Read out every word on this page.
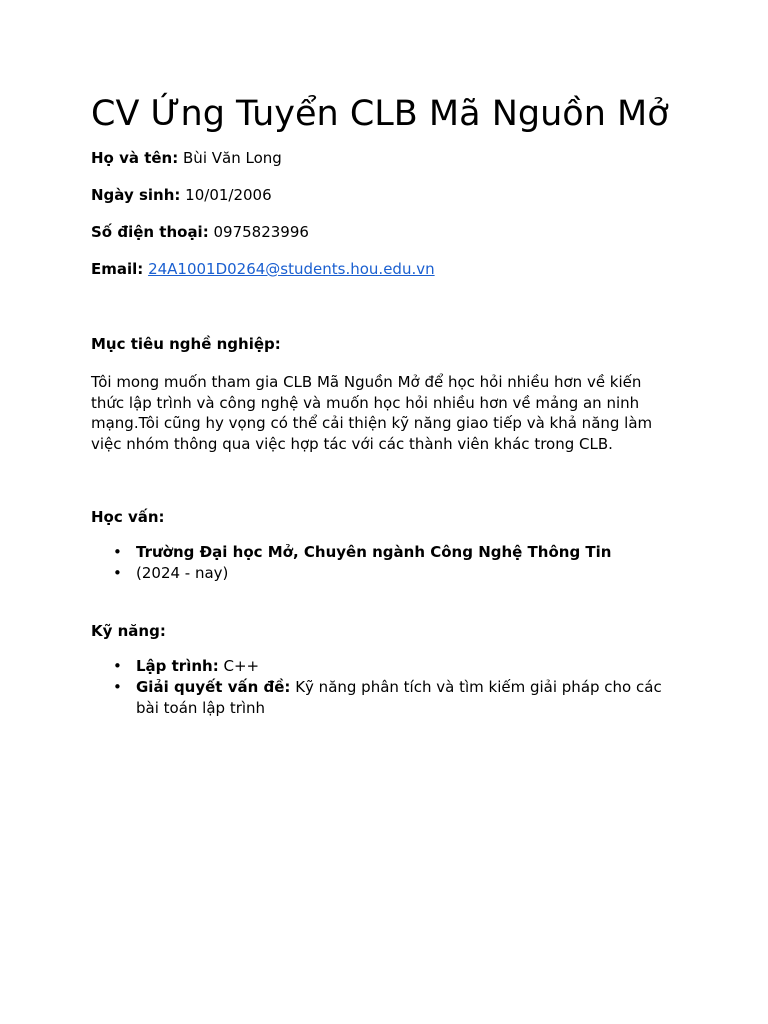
CV Ứng Tuyển CLB Mã Nguồn Mở

Họ và tên: Bùi Văn Long

Ngày sinh: 10/01/2006

Số điện thoại: 0975823996

Email: 24A1001D0264@students.hou.edu.vn

Mục tiêu nghề nghiệp:

Tôi mong muốn tham gia CLB Mã Nguồn Mở để học hỏi nhiều hơn về kiến thức lập trình và công nghệ và muốn học hỏi nhiều hơn về mảng an ninh mạng.Tôi cũng hy vọng có thể cải thiện kỹ năng giao tiếp và khả năng làm việc nhóm thông qua việc hợp tác với các thành viên khác trong CLB.

Học vấn:

• Trường Đại học Mở, Chuyên ngành Công Nghệ Thông Tin
• (2024 - nay)

Kỹ năng:

• Lập trình: C++
• Giải quyết vấn đề: Kỹ năng phân tích và tìm kiếm giải pháp cho các bài toán lập trình
